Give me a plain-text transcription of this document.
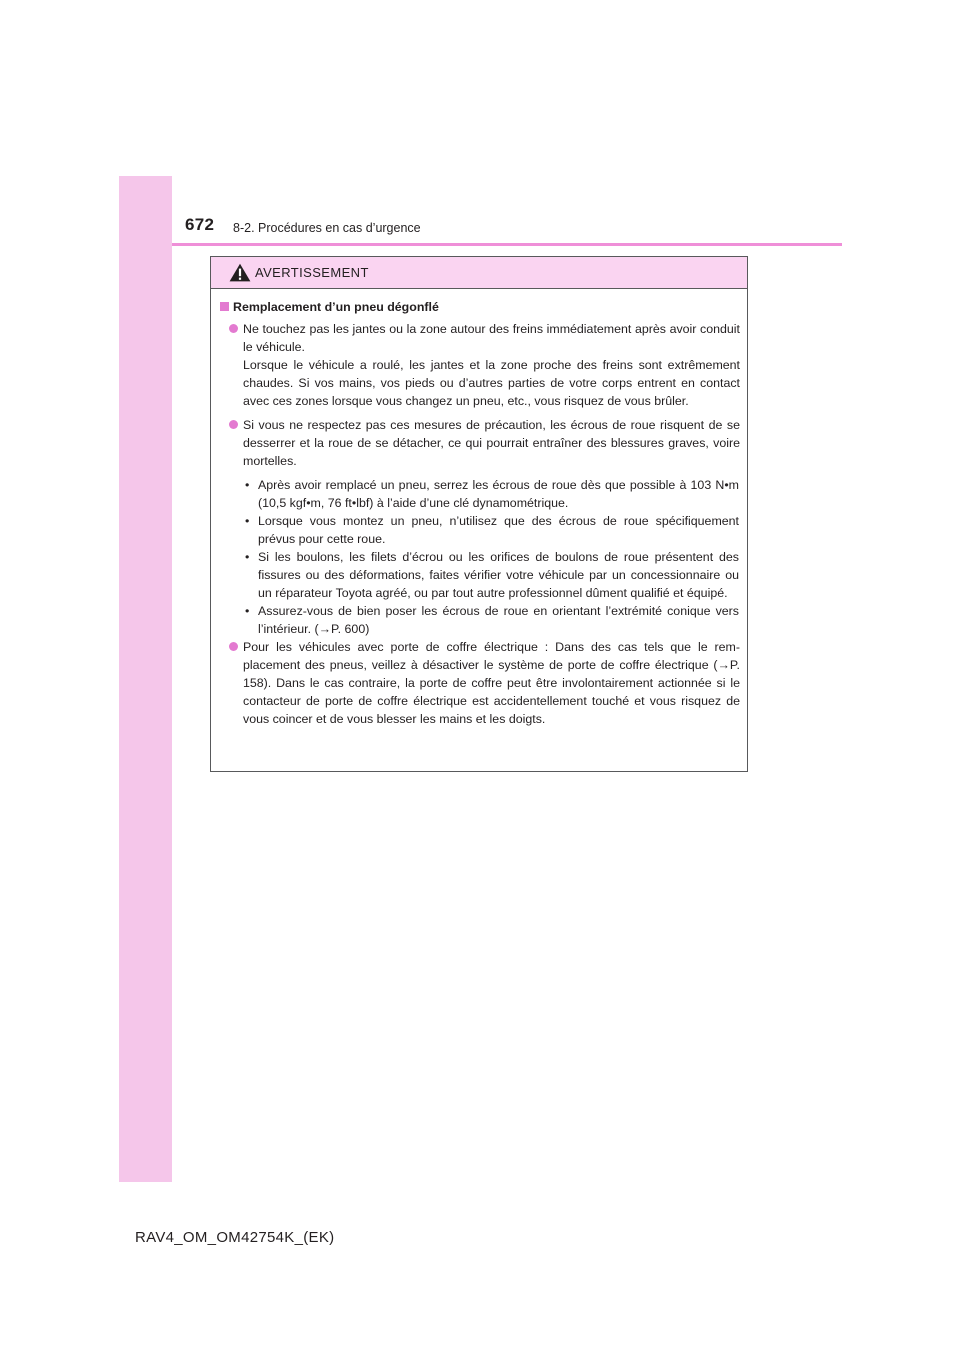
672 8-2. Procédures en cas d’urgence
AVERTISSEMENT
Remplacement d’un pneu dégonflé
Ne touchez pas les jantes ou la zone autour des freins immédiatement après avoir conduit le véhicule.
Lorsque le véhicule a roulé, les jantes et la zone proche des freins sont extrêmement chaudes. Si vos mains, vos pieds ou d’autres parties de votre corps entrent en contact avec ces zones lorsque vous changez un pneu, etc., vous risquez de vous brûler.
Si vous ne respectez pas ces mesures de précaution, les écrous de roue risquent de se desserrer et la roue de se détacher, ce qui pourrait entraîner des blessures graves, voire mortelles.
• Après avoir remplacé un pneu, serrez les écrous de roue dès que possible à 103 N•m (10,5 kgf•m, 76 ft•lbf) à l’aide d’une clé dynamométrique.
• Lorsque vous montez un pneu, n’utilisez que des écrous de roue spécifiquement prévus pour cette roue.
• Si les boulons, les filets d’écrou ou les orifices de boulons de roue présentent des fissures ou des déformations, faites vérifier votre véhicule par un concessionnaire ou un réparateur Toyota agréé, ou par tout autre professionnel dûment qualifié et équipé.
• Assurez-vous de bien poser les écrous de roue en orientant l’extrémité conique vers l’intérieur. (→P. 600)
Pour les véhicules avec porte de coffre électrique : Dans des cas tels que le remplacement des pneus, veillez à désactiver le système de porte de coffre électrique (→P. 158). Dans le cas contraire, la porte de coffre peut être involontairement actionnée si le contacteur de porte de coffre électrique est accidentellement touché et vous risquez de vous coincer et de vous blesser les mains et les doigts.
RAV4_OM_OM42754K_(EK)
